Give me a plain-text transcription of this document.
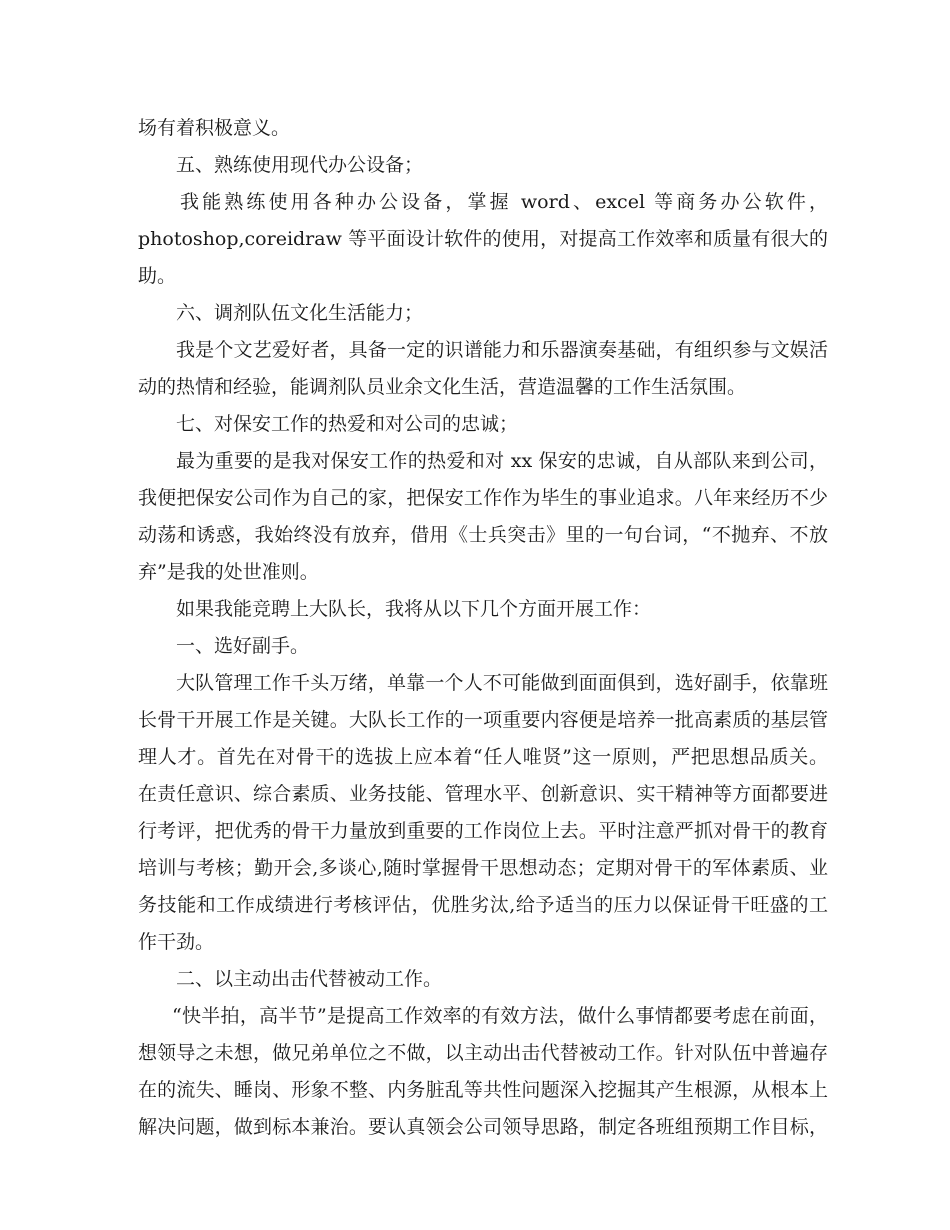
场有着积极意义。
五、熟练使用现代办公设备；
我能熟练使用各种办公设备，掌握 word、excel 等商务办公软件，
photoshop,coreidraw 等平面设计软件的使用，对提高工作效率和质量有很大的
助。
六、调剂队伍文化生活能力；
我是个文艺爱好者，具备一定的识谱能力和乐器演奏基础，有组织参与文娱活
动的热情和经验，能调剂队员业余文化生活，营造温馨的工作生活氛围。
七、对保安工作的热爱和对公司的忠诚；
最为重要的是我对保安工作的热爱和对 xx 保安的忠诚，自从部队来到公司，
我便把保安公司作为自己的家，把保安工作作为毕生的事业追求。八年来经历不少
动荡和诱惑，我始终没有放弃，借用《士兵突击》里的一句台词，“不抛弃、不放
弃”是我的处世准则。
如果我能竞聘上大队长，我将从以下几个方面开展工作：
一、选好副手。
大队管理工作千头万绪，单靠一个人不可能做到面面俱到，选好副手，依靠班
长骨干开展工作是关键。大队长工作的一项重要内容便是培养一批高素质的基层管
理人才。首先在对骨干的选拔上应本着“任人唯贤”这一原则，严把思想品质关。
在责任意识、综合素质、业务技能、管理水平、创新意识、实干精神等方面都要进
行考评，把优秀的骨干力量放到重要的工作岗位上去。平时注意严抓对骨干的教育
培训与考核；勤开会,多谈心,随时掌握骨干思想动态；定期对骨干的军体素质、业
务技能和工作成绩进行考核评估，优胜劣汰,给予适当的压力以保证骨干旺盛的工
作干劲。
二、以主动出击代替被动工作。
“快半拍，高半节”是提高工作效率的有效方法，做什么事情都要考虑在前面，
想领导之未想，做兄弟单位之不做，以主动出击代替被动工作。针对队伍中普遍存
在的流失、睡岗、形象不整、内务脏乱等共性问题深入挖掘其产生根源，从根本上
解决问题，做到标本兼治。要认真领会公司领导思路，制定各班组预期工作目标，
